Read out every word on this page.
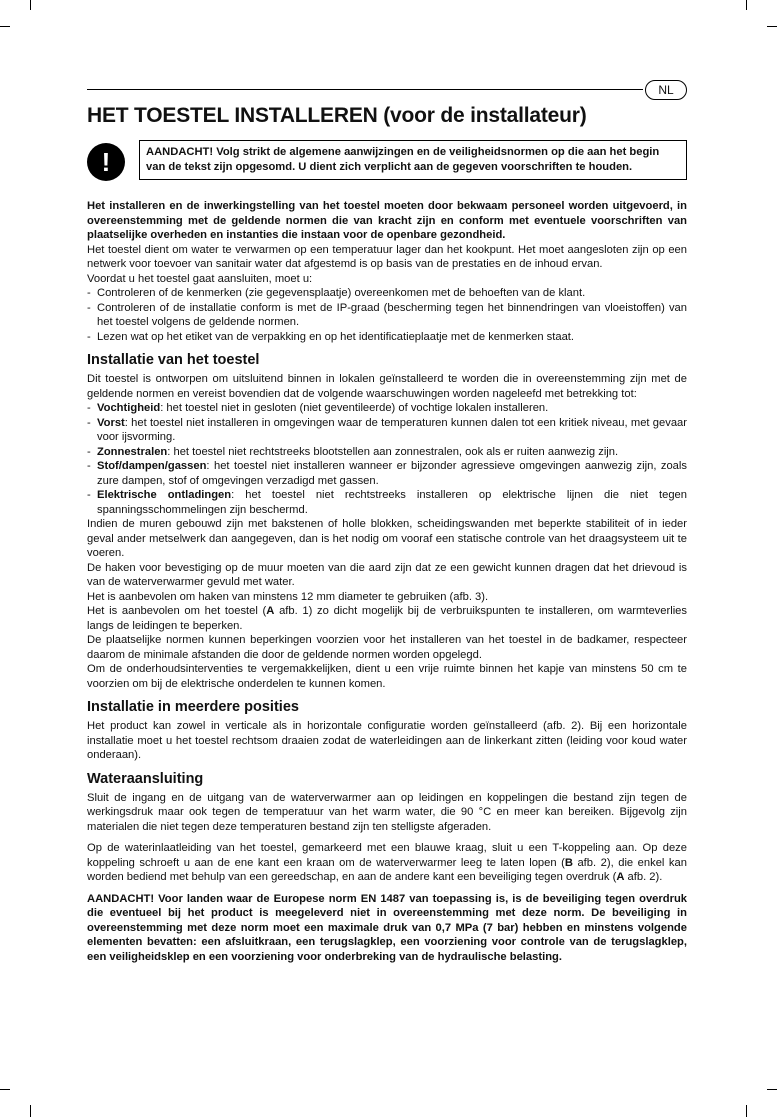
NL
HET TOESTEL INSTALLEREN (voor de installateur)
!	AANDACHT! Volg strikt de algemene aanwijzingen en de veiligheidsnormen op die aan het begin van de tekst zijn opgesomd. U dient zich verplicht aan de gegeven voorschriften te houden.

Het installeren en de inwerkingstelling van het toestel moeten door bekwaam personeel worden uitgevoerd, in overeenstemming met de geldende normen die van kracht zijn en conform met eventuele voorschriften van plaatselijke overheden en instanties die instaan voor de openbare gezondheid.

Het toestel dient om water te verwarmen op een temperatuur lager dan het kookpunt. Het moet aangesloten zijn op een netwerk voor toevoer van sanitair water dat afgestemd is op basis van de prestaties en de inhoud ervan.

Voordat u het toestel gaat aansluiten, moet u:

- Controleren of de kenmerken (zie gegevensplaatje) overeenkomen met de behoeften van de klant.
- Controleren of de installatie conform is met de IP-graad (bescherming tegen het binnendringen van vloeistoffen) van het toestel volgens de geldende normen.
- Lezen wat op het etiket van de verpakking en op het identificatieplaatje met de kenmerken staat.
Installatie van het toestel

Dit toestel is ontworpen om uitsluitend binnen in lokalen geïnstalleerd te worden die in overeenstemming zijn met de geldende normen en vereist bovendien dat de volgende waarschuwingen worden nageleefd met betrekking tot:

- Vochtigheid: het toestel niet in gesloten (niet geventileerde) of vochtige lokalen installeren.
- Vorst: het toestel niet installeren in omgevingen waar de temperaturen kunnen dalen tot een kritiek niveau, met gevaar voor ijsvorming.
- Zonnestralen: het toestel niet rechtstreeks blootstellen aan zonnestralen, ook als er ruiten aanwezig zijn.
- Stof/dampen/gassen: het toestel niet installeren wanneer er bijzonder agressieve omgevingen aanwezig zijn, zoals zure dampen, stof of omgevingen verzadigd met gassen.
- Elektrische ontladingen: het toestel niet rechtstreeks installeren op elektrische lijnen die niet tegen spanningsschommelingen zijn beschermd.

Indien de muren gebouwd zijn met bakstenen of holle blokken, scheidingswanden met beperkte stabiliteit of in ieder geval ander metselwerk dan aangegeven, dan is het nodig om vooraf een statische controle van het draagsysteem uit te voeren.

De haken voor bevestiging op de muur moeten van die aard zijn dat ze een gewicht kunnen dragen dat het drievoud is van de waterverwarmer gevuld met water.

Het is aanbevolen om haken van minstens 12 mm diameter te gebruiken (afb. 3).

Het is aanbevolen om het toestel (A afb. 1) zo dicht mogelijk bij de verbruikspunten te installeren, om warmteverlies langs de leidingen te beperken.

De plaatselijke normen kunnen beperkingen voorzien voor het installeren van het toestel in de badkamer, respecteer daarom de minimale afstanden die door de geldende normen worden opgelegd.

Om de onderhoudsinterventies te vergemakkelijken, dient u een vrije ruimte binnen het kapje van minstens 50 cm te voorzien om bij de elektrische onderdelen te kunnen komen.

Installatie in meerdere posities

Het product kan zowel in verticale als in horizontale configuratie worden geïnstalleerd (afb. 2). Bij een horizontale installatie moet u het toestel rechtsom draaien zodat de waterleidingen aan de linkerkant zitten (leiding voor koud water onderaan).

Wateraansluiting

Sluit de ingang en de uitgang van de waterverwarmer aan op leidingen en koppelingen die bestand zijn tegen de werkingsdruk maar ook tegen de temperatuur van het warm water, die 90 °C en meer kan bereiken. Bijgevolg zijn materialen die niet tegen deze temperaturen bestand zijn ten stelligste afgeraden.

Op de waterinlaatleiding van het toestel, gemarkeerd met een blauwe kraag, sluit u een T-koppeling aan. Op deze koppeling schroeft u aan de ene kant een kraan om de waterverwarmer leeg te laten lopen (B afb. 2), die enkel kan worden bediend met behulp van een gereedschap, en aan de andere kant een beveiliging tegen overdruk (A afb. 2).

AANDACHT! Voor landen waar de Europese norm EN 1487 van toepassing is, is de beveiliging tegen overdruk die eventueel bij het product is meegeleverd niet in overeenstemming met deze norm. De beveiliging in overeenstemming met deze norm moet een maximale druk van 0,7 MPa (7 bar) hebben en minstens volgende elementen bevatten: een afsluitkraan, een terugslagklep, een voorziening voor controle van de terugslagklep, een veiligheidsklep en een voorziening voor onderbreking van de hydraulische belasting.
